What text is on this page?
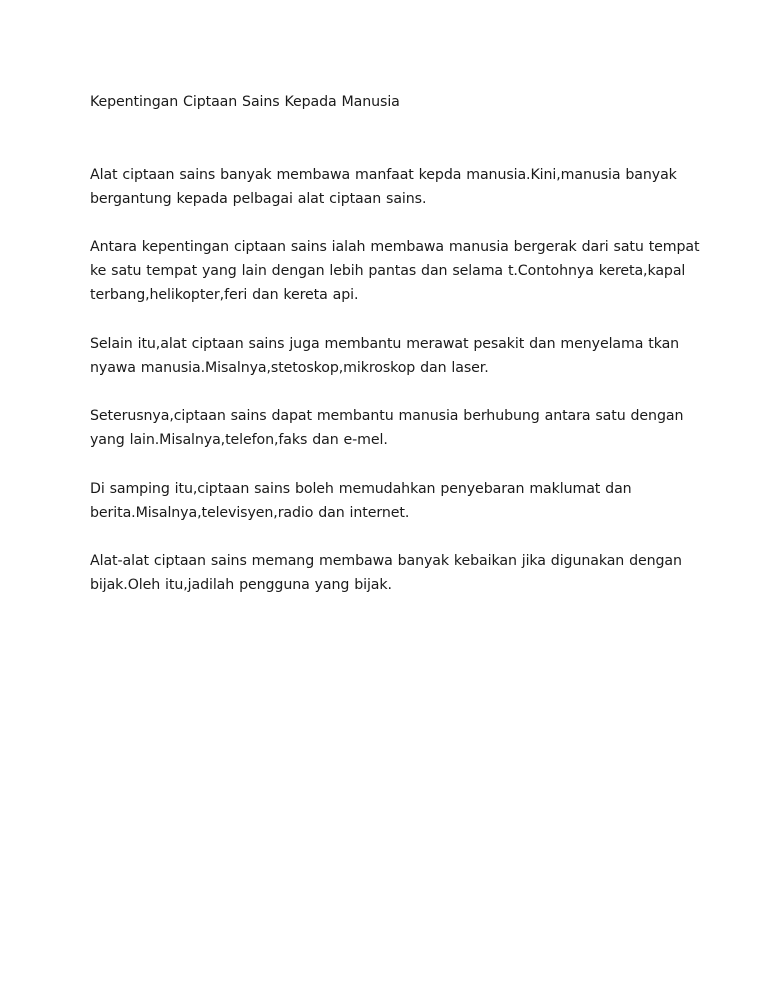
Kepentingan Ciptaan Sains Kepada Manusia

Alat ciptaan sains banyak membawa manfaat kepda manusia.Kini,manusia banyak
bergantung kepada pelbagai alat ciptaan sains.

Antara kepentingan ciptaan sains ialah membawa manusia bergerak dari satu tempat
ke satu tempat yang lain dengan lebih pantas dan selama t.Contohnya kereta,kapal
terbang,helikopter,feri dan kereta api.

Selain itu,alat ciptaan sains juga membantu merawat pesakit dan menyelama tkan
nyawa manusia.Misalnya,stetoskop,mikroskop dan laser.

Seterusnya,ciptaan sains dapat membantu manusia berhubung antara satu dengan
yang lain.Misalnya,telefon,faks dan e-mel.

Di samping itu,ciptaan sains boleh memudahkan penyebaran maklumat dan
berita.Misalnya,televisyen,radio dan internet.

Alat-alat ciptaan sains memang membawa banyak kebaikan jika digunakan dengan
bijak.Oleh itu,jadilah pengguna yang bijak.
